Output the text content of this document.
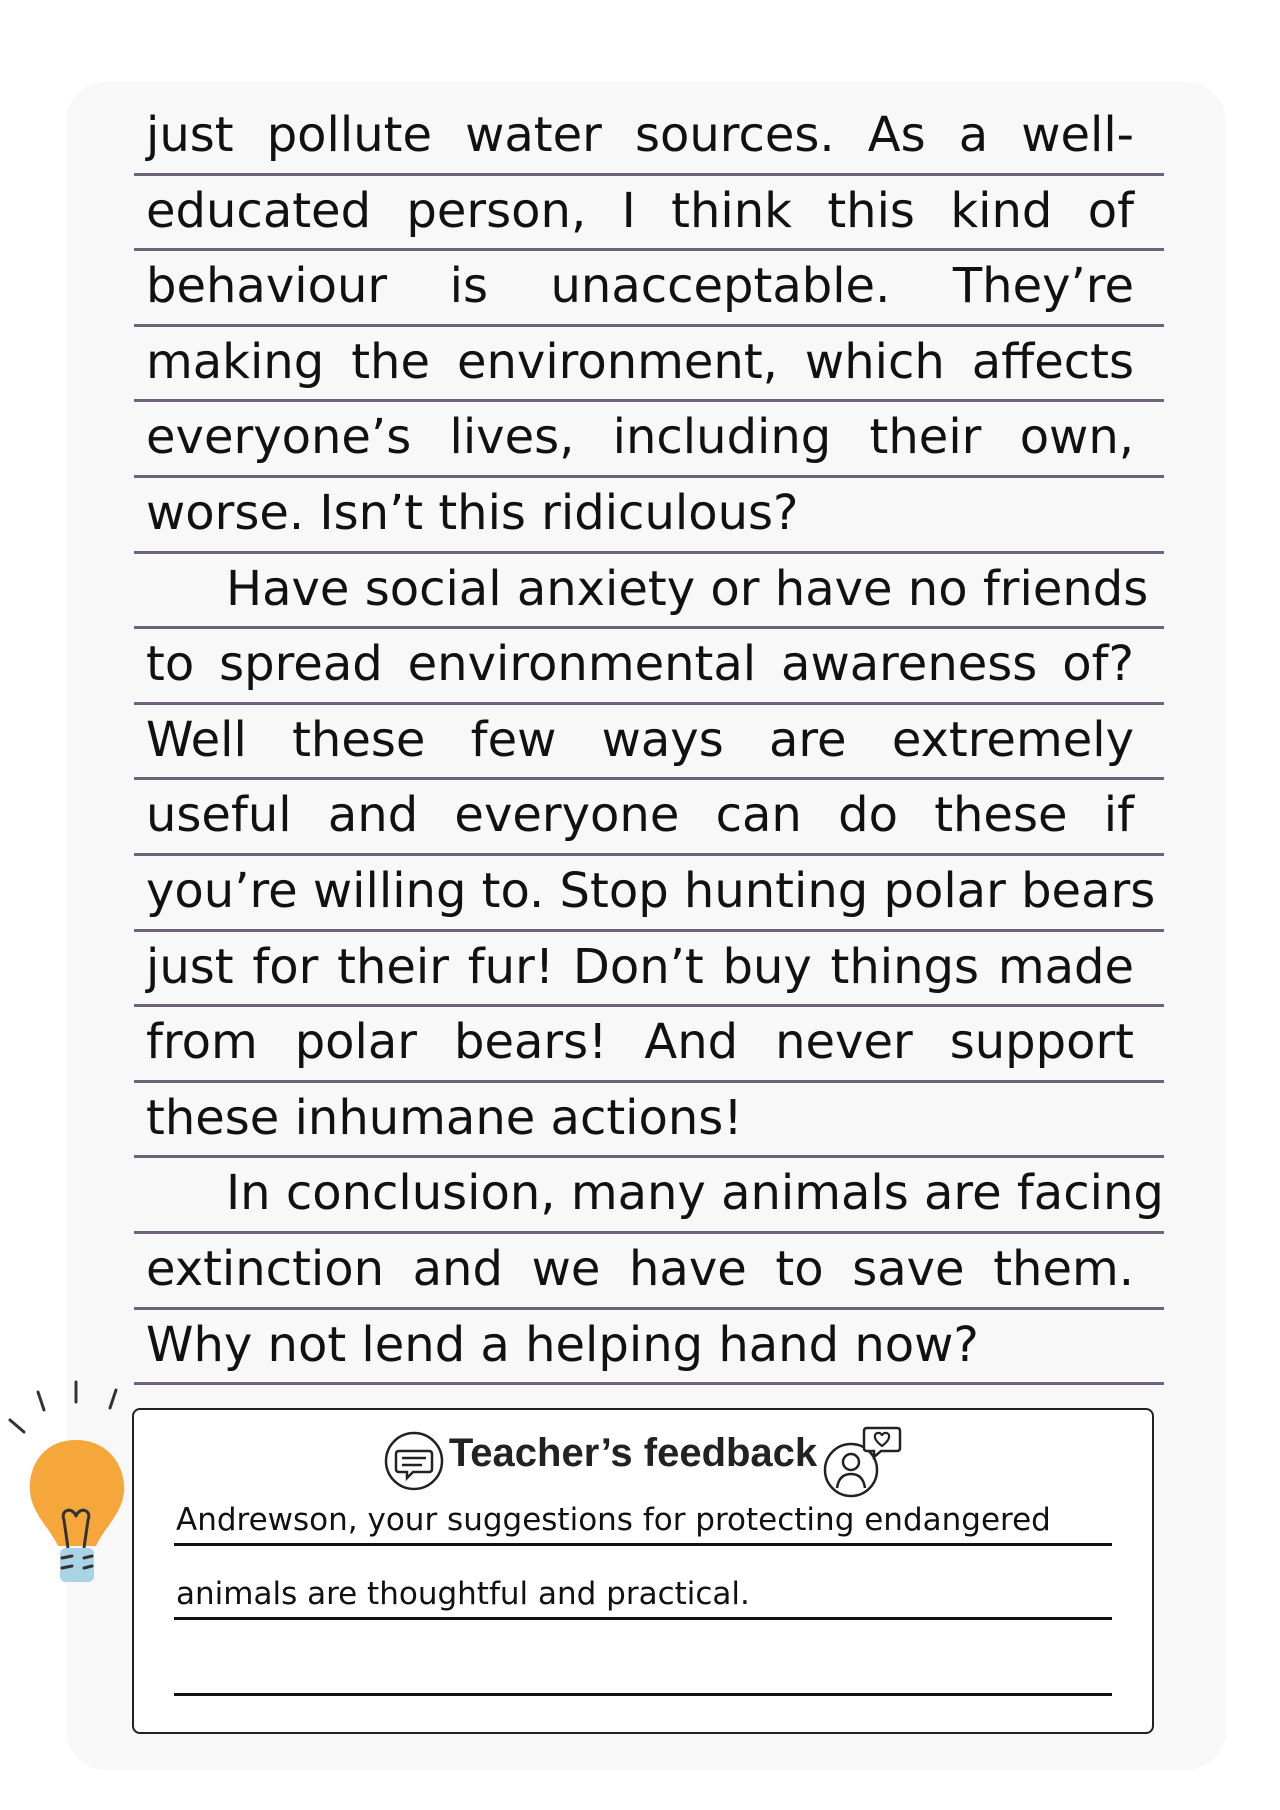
just pollute water sources. As a well-
educated person, I think this kind of
behaviour is unacceptable. They’re
making the environment, which affects
everyone’s lives, including their own,
worse. Isn’t this ridiculous?
Have social anxiety or have no friends
to spread environmental awareness of?
Well these few ways are extremely
useful and everyone can do these if
you’re willing to. Stop hunting polar bears
just for their fur! Don’t buy things made
from polar bears! And never support
these inhumane actions!
In conclusion, many animals are facing
extinction and we have to save them.
Why not lend a helping hand now?
Teacher’s feedback
Andrewson, your suggestions for protecting endangered
animals are thoughtful and practical.
